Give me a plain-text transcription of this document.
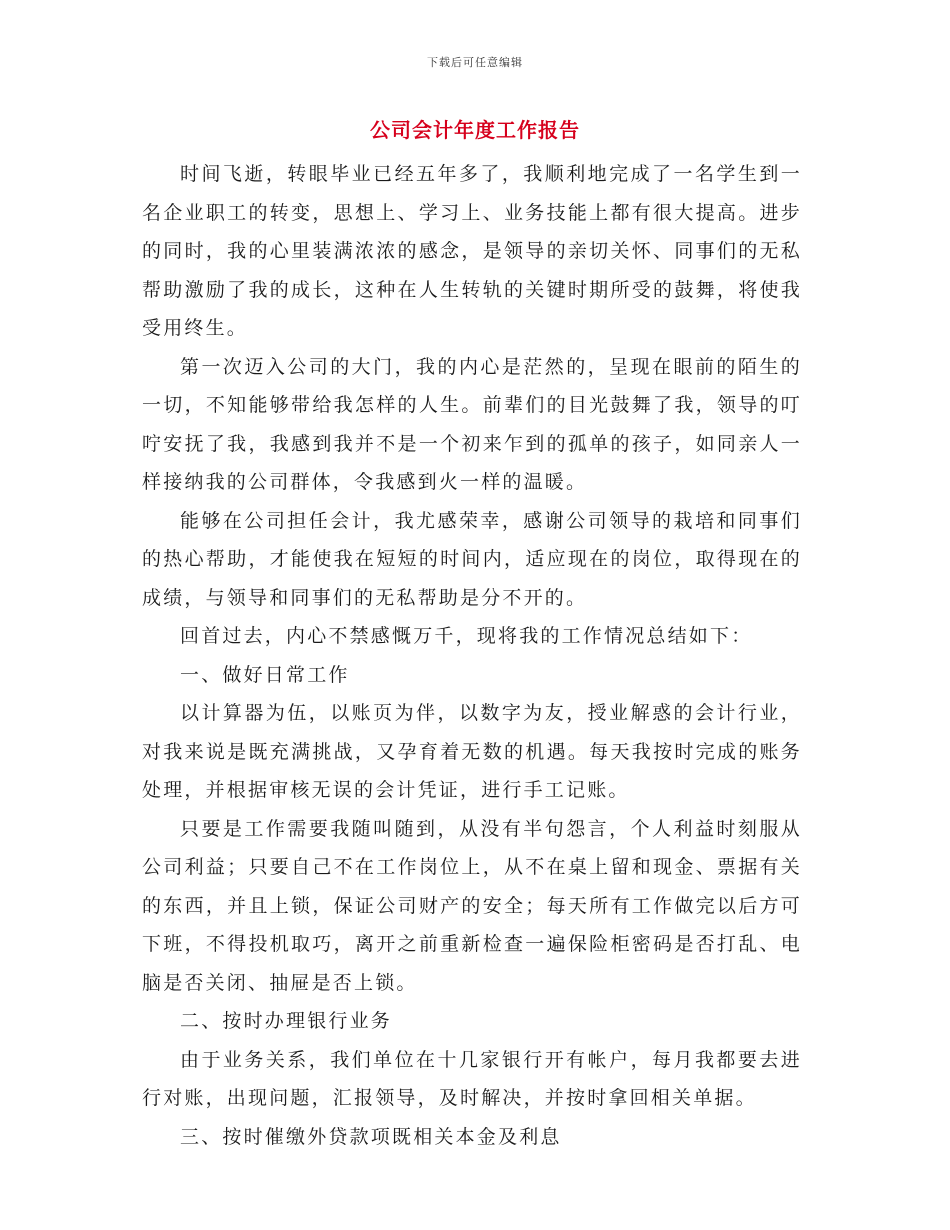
下载后可任意编辑
公司会计年度工作报告

时间飞逝，转眼毕业已经五年多了，我顺利地完成了一名学生到一名企业职工的转变，思想上、学习上、业务技能上都有很大提高。进步的同时，我的心里装满浓浓的感念，是领导的亲切关怀、同事们的无私帮助激励了我的成长，这种在人生转轨的关键时期所受的鼓舞，将使我受用终生。

第一次迈入公司的大门，我的内心是茫然的，呈现在眼前的陌生的一切，不知能够带给我怎样的人生。前辈们的目光鼓舞了我，领导的叮咛安抚了我，我感到我并不是一个初来乍到的孤单的孩子，如同亲人一样接纳我的公司群体，令我感到火一样的温暖。

能够在公司担任会计，我尤感荣幸，感谢公司领导的栽培和同事们的热心帮助，才能使我在短短的时间内，适应现在的岗位，取得现在的成绩，与领导和同事们的无私帮助是分不开的。

回首过去，内心不禁感慨万千，现将我的工作情况总结如下：

一、做好日常工作

以计算器为伍，以账页为伴，以数字为友，授业解惑的会计行业，对我来说是既充满挑战，又孕育着无数的机遇。每天我按时完成的账务处理，并根据审核无误的会计凭证，进行手工记账。

只要是工作需要我随叫随到，从没有半句怨言，个人利益时刻服从公司利益；只要自己不在工作岗位上，从不在桌上留和现金、票据有关的东西，并且上锁，保证公司财产的安全；每天所有工作做完以后方可下班，不得投机取巧，离开之前重新检查一遍保险柜密码是否打乱、电脑是否关闭、抽屉是否上锁。

二、按时办理银行业务

由于业务关系，我们单位在十几家银行开有帐户，每月我都要去进行对账，出现问题，汇报领导，及时解决，并按时拿回相关单据。

三、按时催缴外贷款项既相关本金及利息
